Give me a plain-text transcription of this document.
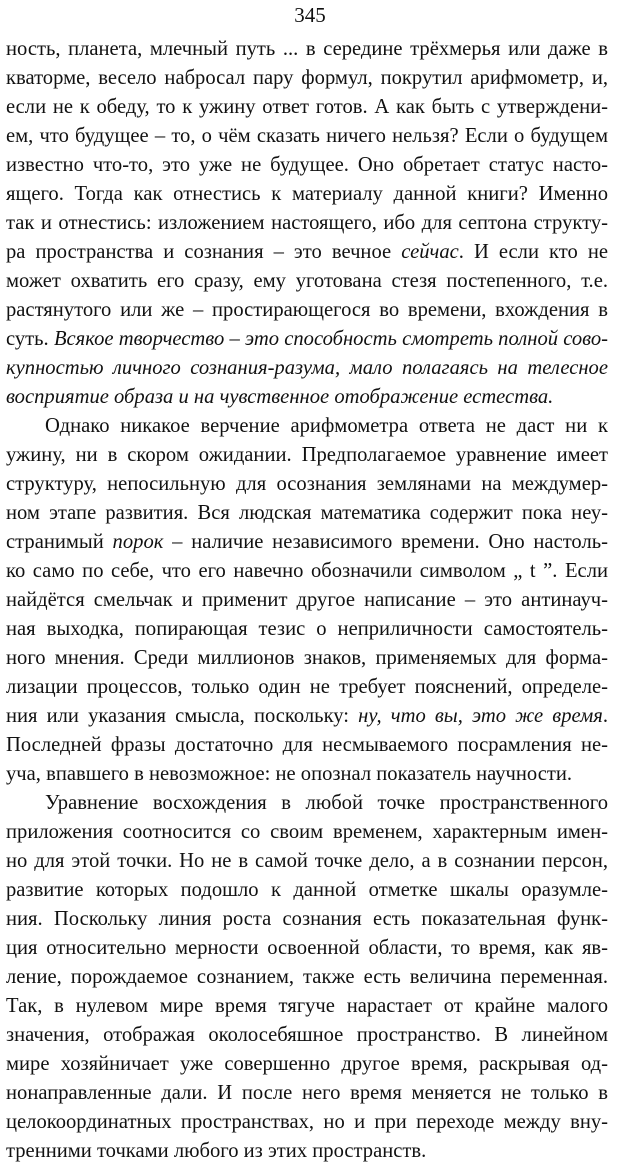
345
ность, планета, млечный путь ... в середине трёхмерья или даже в
кваторме, весело набросал пару формул, покрутил арифмометр, и,
если не к обеду, то к ужину ответ готов. А как быть с утверждени-
ем, что будущее – то, о чём сказать ничего нельзя? Если о будущем
известно что-то, это уже не будущее. Оно обретает статус насто-
ящего. Тогда как отнестись к материалу данной книги? Именно
так и отнестись: изложением настоящего, ибо для септона структу-
ра пространства и сознания – это вечное сейчас. И если кто не
может охватить его сразу, ему уготована стезя постепенного, т.е.
растянутого или же – простирающегося во времени, вхождения в
суть. Всякое творчество – это способность смотреть полной сово-
купностью личного сознания-разума, мало полагаясь на телесное
восприятие образа и на чувственное отображение естества.
Однако никакое верчение арифмометра ответа не даст ни к
ужину, ни в скором ожидании. Предполагаемое уравнение имеет
структуру, непосильную для осознания землянами на междумер-
ном этапе развития. Вся людская математика содержит пока неу-
странимый порок – наличие независимого времени. Оно настоль-
ко само по себе, что его навечно обозначили символом „ t ”. Если
найдётся смельчак и применит другое написание – это антинауч-
ная выходка, попирающая тезис о неприличности самостоятель-
ного мнения. Среди миллионов знаков, применяемых для форма-
лизации процессов, только один не требует пояснений, определе-
ния или указания смысла, поскольку: ну, что вы, это же время.
Последней фразы достаточно для несмываемого посрамления не-
уча, впавшего в невозможное: не опознал показатель научности.
Уравнение восхождения в любой точке пространственного
приложения соотносится со своим временем, характерным имен-
но для этой точки. Но не в самой точке дело, а в сознании персон,
развитие которых подошло к данной отметке шкалы оразумле-
ния. Поскольку линия роста сознания есть показательная функ-
ция относительно мерности освоенной области, то время, как яв-
ление, порождаемое сознанием, также есть величина переменная.
Так, в нулевом мире время тягуче нарастает от крайне малого
значения, отображая околосебяшное пространство. В линейном
мире хозяйничает уже совершенно другое время, раскрывая од-
нонаправленные дали. И после него время меняется не только в
целокоординатных пространствах, но и при переходе между вну-
тренними точками любого из этих пространств.
